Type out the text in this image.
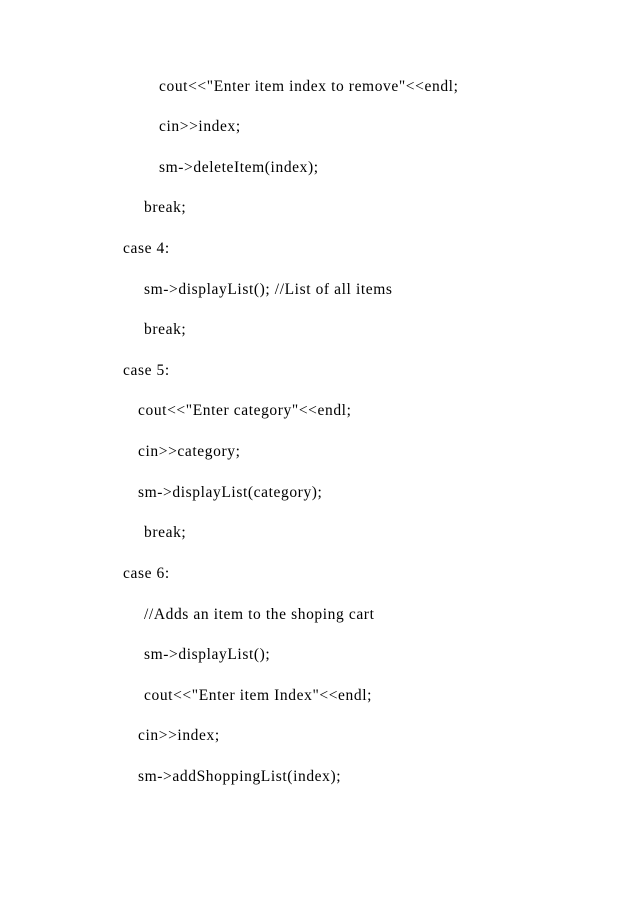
cout<<"Enter item index to remove"<<endl;
cin>>index;
sm->deleteItem(index);
break;
case 4:
sm->displayList(); //List of all items
break;
case 5:
cout<<"Enter category"<<endl;
cin>>category;
sm->displayList(category);
break;
case 6:
//Adds an item to the shoping cart
sm->displayList();
cout<<"Enter item Index"<<endl;
cin>>index;
sm->addShoppingList(index);
